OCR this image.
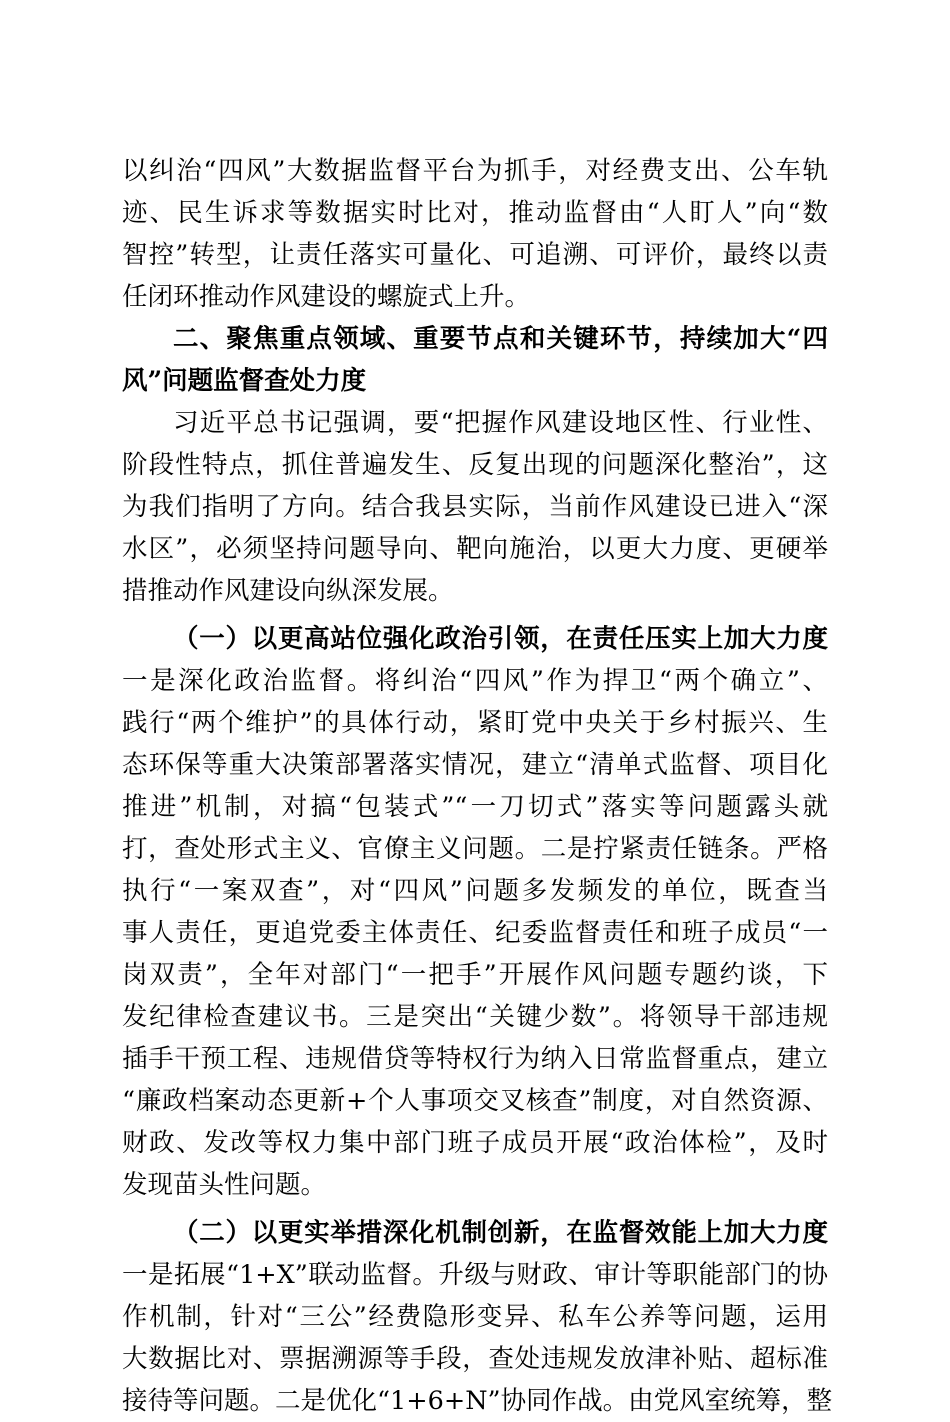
以纠治“四风”大数据监督平台为抓手，对经费支出、公车轨
迹、民生诉求等数据实时比对，推动监督由“人盯人”向“数
智控”转型，让责任落实可量化、可追溯、可评价，最终以责
任闭环推动作风建设的螺旋式上升。
二、聚焦重点领域、重要节点和关键环节，持续加大“四
风”问题监督查处力度
习近平总书记强调，要“把握作风建设地区性、行业性、
阶段性特点，抓住普遍发生、反复出现的问题深化整治”，这
为我们指明了方向。结合我县实际，当前作风建设已进入“深
水区”，必须坚持问题导向、靶向施治，以更大力度、更硬举
措推动作风建设向纵深发展。
（一）以更高站位强化政治引领，在责任压实上加大力度
一是深化政治监督。将纠治“四风”作为捍卫“两个确立”、
践行“两个维护”的具体行动，紧盯党中央关于乡村振兴、生
态环保等重大决策部署落实情况，建立“清单式监督、项目化
推进”机制，对搞“包装式”“一刀切式”落实等问题露头就
打，查处形式主义、官僚主义问题。二是拧紧责任链条。严格
执行“一案双查”，对“四风”问题多发频发的单位，既查当
事人责任，更追党委主体责任、纪委监督责任和班子成员“一
岗双责”，全年对部门“一把手”开展作风问题专题约谈，下
发纪律检查建议书。三是突出“关键少数”。将领导干部违规
插手干预工程、违规借贷等特权行为纳入日常监督重点，建立
“廉政档案动态更新+个人事项交叉核查”制度，对自然资源、
财政、发改等权力集中部门班子成员开展“政治体检”，及时
发现苗头性问题。
（二）以更实举措深化机制创新，在监督效能上加大力度
一是拓展“1+X”联动监督。升级与财政、审计等职能部门的协
作机制，针对“三公”经费隐形变异、私车公养等问题，运用
大数据比对、票据溯源等手段，查处违规发放津补贴、超标准
接待等问题。二是优化“1+6+N”协同作战。由党风室统筹，整
